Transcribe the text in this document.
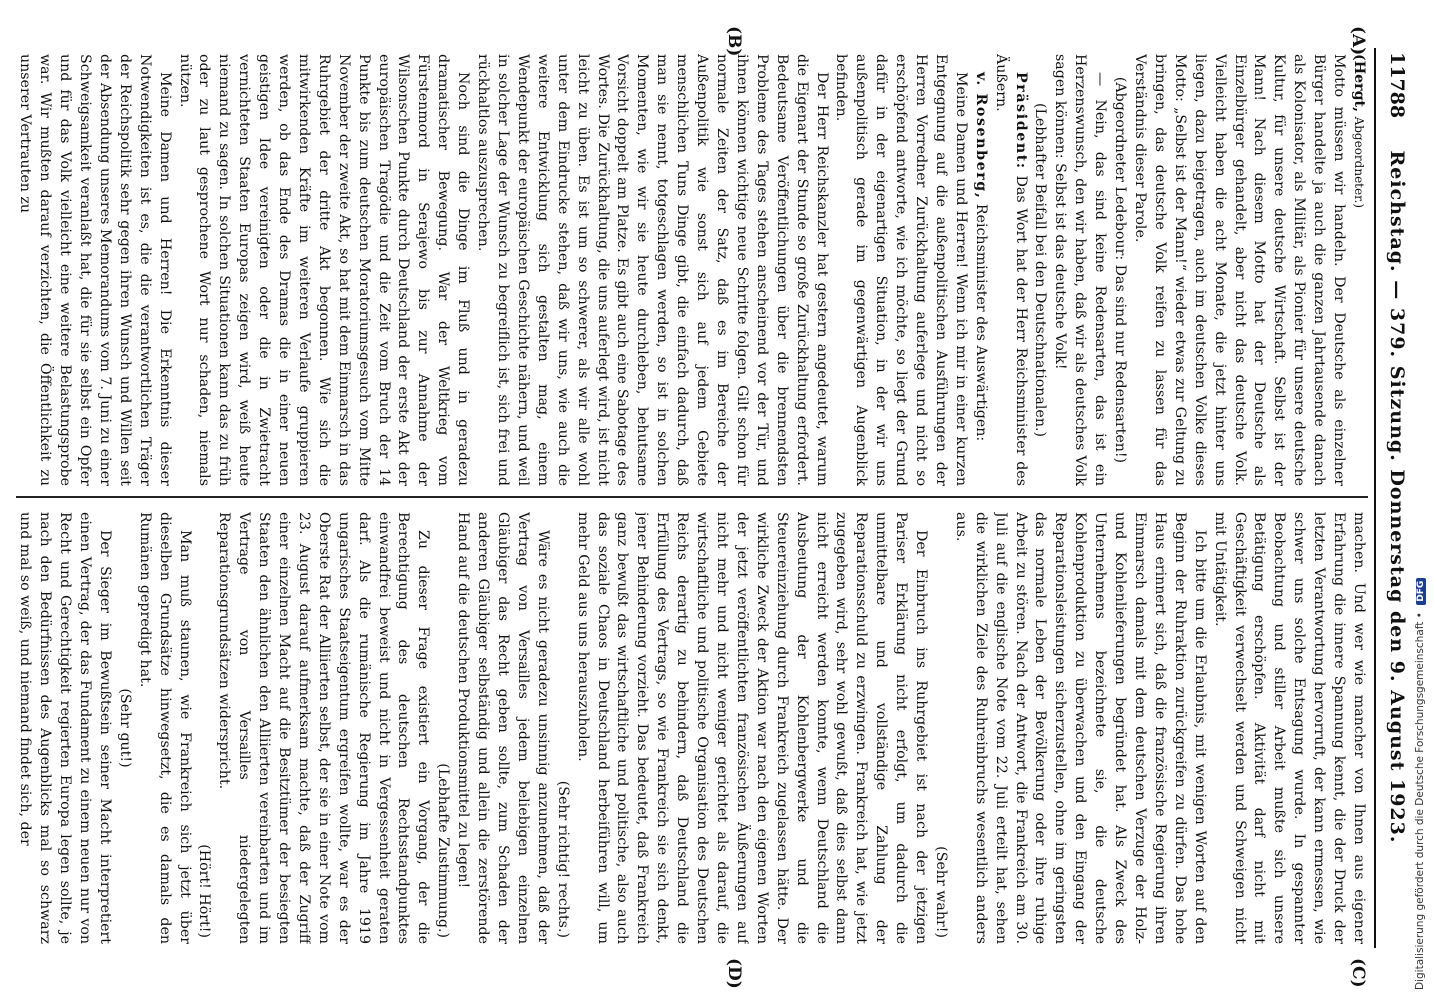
11788
Reichstag. — 379. Sitzung. Donnerstag den 9. August 1923.
(A)
(B)
(C)
(D)

(Hergt, Abgeordneter.)

Motto müssen wir handeln. Der Deutsche als einzelner Bürger handelte ja auch die ganzen Jahrtausende danach als Kolonisator, als Militär, als Pionier für unsere deutsche Kultur, für unsere deutsche Wirtschaft. Selbst ist der Mann! Nach diesem Motto hat der Deutsche als Einzelbürger gehandelt, aber nicht das deutsche Volk. Vielleicht haben die acht Monate, die jetzt hinter uns liegen, dazu beigetragen, auch im deutschen Volke dieses Motto: „Selbst ist der Mann!“ wieder etwas zur Geltung zu bringen, das deutsche Volk reifen zu lassen für das Verständnis dieser Parole.

(Abgeordneter Ledebour: Das sind nur Redensarten!)

— Nein, das sind keine Redensarten, das ist ein Herzenswunsch, den wir haben, daß wir als deutsches Volk sagen können: Selbst ist das deutsche Volk!

(Lebhafter Beifall bei den Deutschnationalen.)

Präsident: Das Wort hat der Herr Reichsminister des Äußern.

v. Rosenberg, Reichsminister des Auswärtigen:

Meine Damen und Herren! Wenn ich mir in einer kurzen Entgegnung auf die außenpolitischen Ausführungen der Herren Vorredner Zurückhaltung auferlege und nicht so erschöpfend antworte, wie ich möchte, so liegt der Grund dafür in der eigenartigen Situation, in der wir uns außenpolitisch gerade im gegenwärtigen Augenblick befinden.

Der Herr Reichskanzler hat gestern angedeutet, warum die Eigenart der Stunde so große Zurückhaltung erfordert. Bedeutsame Veröffentlichungen über die brennendsten Probleme des Tages stehen anscheinend vor der Tür, und ihnen können wichtige neue Schritte folgen. Gilt schon für normale Zeiten der Satz, daß es im Bereiche der Außenpolitik wie sonst sich auf jedem Gebiete menschlichen Tuns Dinge gibt, die einfach dadurch, daß man sie nennt, totgeschlagen werden, so ist in solchen Momenten, wie wir sie heute durchleben, behutsame Vorsicht doppelt am Platze. Es gibt auch eine Sabotage des Wortes. Die Zurückhaltung, die uns auferlegt wird, ist nicht leicht zu üben. Es ist um so schwerer, als wir alle wohl unter dem Eindrucke stehen, daß wir uns, wie auch die weitere Entwicklung sich gestalten mag, einem Wendepunkt der europäischen Geschichte nähern, und weil in solcher Lage der Wunsch zu begreiflich ist, sich frei und rückhaltlos auszusprechen.

Noch sind die Dinge im Fluß und in geradezu dramatischer Bewegung. War der Weltkrieg vom Fürstenmord in Serajewo bis zur Annahme der Wilsonschen Punkte durch Deutschland der erste Akt der europäischen Tragödie und die Zeit vom Bruch der 14 Punkte bis zum deutschen Moratoriumsgesuch vom Mitte November der zweite Akt, so hat mit dem Einmarsch in das Ruhrgebiet der dritte Akt begonnen. Wie sich die mitwirkenden Kräfte im weiteren Verlaufe gruppieren werden, ob das Ende des Dramas die in einer neuen geistigen Idee vereinigten oder die in Zwietracht vernichteten Staaten Europas zeigen wird, weiß heute niemand zu sagen. In solchen Situationen kann das zu früh oder zu laut gesprochene Wort nur schaden, niemals nützen.

Meine Damen und Herren! Die Erkenntnis dieser Notwendigkeiten ist es, die die verantwortlichen Träger der Reichspolitik sehr gegen ihren Wunsch und Willen seit der Absendung unseres Memorandums vom 7. Juni zu einer Schweigsamkeit veranlaßt hat, die für sie selbst ein Opfer und für das Volk vielleicht eine weitere Belastungsprobe war. Wir mußten darauf verzichten, die Öffentlichkeit zu unserer Vertrauten zu

machen. Und wer wie mancher von Ihnen aus eigener Erfahrung die innere Spannung kennt, die der Druck der letzten Verantwortung hervorruft, der kann ermessen, wie schwer uns solche Entsagung wurde. In gespannter Beobachtung und stiller Arbeit mußte sich unsere Betätigung erschöpfen. Aktivität darf nicht mit Geschäftigkeit verwechselt werden und Schweigen nicht mit Untätigkeit.

Ich bitte um die Erlaubnis, mit wenigen Worten auf den Beginn der Ruhraktion zurückgreifen zu dürfen. Das hohe Haus erinnert sich, daß die französische Regierung ihren Einmarsch damals mit dem deutschen Verzuge der Holz- und Kohlenlieferungen begründet hat. Als Zweck des Unternehmens bezeichnete sie, die deutsche Kohlenproduktion zu überwachen und den Eingang der Reparationsleistungen sicherzustellen, ohne im geringsten das normale Leben der Bevölkerung oder ihre ruhige Arbeit zu stören. Nach der Antwort, die Frankreich am 30. Juli auf die englische Note vom 22. Juli erteilt hat, sehen die wirklichen Ziele des Ruhreinbruchs wesentlich anders aus.

(Sehr wahr!)

Der Einbruch ins Ruhrgebiet ist nach der jetzigen Pariser Erklärung nicht erfolgt, um dadurch die unmittelbare und vollständige Zahlung der Reparationsschuld zu erzwingen. Frankreich hat, wie jetzt zugegeben wird, sehr wohl gewußt, daß dies selbst dann nicht erreicht werden konnte, wenn Deutschland die Ausbeutung der Kohlenbergwerke und die Steuereinziehung durch Frankreich zugelassen hätte. Der wirkliche Zweck der Aktion war nach den eigenen Worten der jetzt veröffentlichten französischen Äußerungen auf nicht mehr und nicht weniger gerichtet als darauf, die wirtschaftliche und politische Organisation des Deutschen Reichs derartig zu behindern, daß Deutschland die Erfüllung des Vertrags, so wie Frankreich sie sich denkt, jener Behinderung vorzieht. Das bedeutet, daß Frankreich ganz bewußt das wirtschaftliche und politische, also auch das soziale Chaos in Deutschland herbeiführen will, um mehr Geld aus uns herauszuholen.

(Sehr richtig! rechts.)

Wäre es nicht geradezu unsinnig anzunehmen, daß der Vertrag von Versailles jedem beliebigen einzelnen Gläubiger das Recht geben sollte, zum Schaden der anderen Gläubiger selbständig und allein die zerstörende Hand auf die deutschen Produktionsmittel zu legen!

(Lebhafte Zustimmung.)

Zu dieser Frage existiert ein Vorgang, der die Berechtigung des deutschen Rechtsstandpunktes einwandfrei beweist und nicht in Vergessenheit geraten darf. Als die rumänische Regierung im Jahre 1919 ungarisches Staatseigentum ergreifen wollte, war es der Oberste Rat der Alliierten selbst, der sie in einer Note vom 23. August darauf aufmerksam machte, daß der Zugriff einer einzelnen Macht auf die Besitztümer der besiegten Staaten den ähnlichen den Alliierten vereinbarten und im Vertrage von Versailles niedergelegten Reparationsgrundsätzen widerspricht.

(Hört! Hört!)

Man muß staunen, wie Frankreich sich jetzt über dieselben Grundsätze hinwegsetzt, die es damals den Rumänen gepredigt hat.

(Sehr gut!)

Der Sieger im Bewußtsein seiner Macht interpretiert einen Vertrag, der das Fundament zu einem neuen nur von Recht und Gerechtigkeit regierten Europa legen sollte, je nach den Bedürfnissen des Augenblicks mal so schwarz und mal so weiß, und niemand findet sich, der	Digitalisierung gefördert durch die Deutsche Forschungsgemeinschaft • DFG
